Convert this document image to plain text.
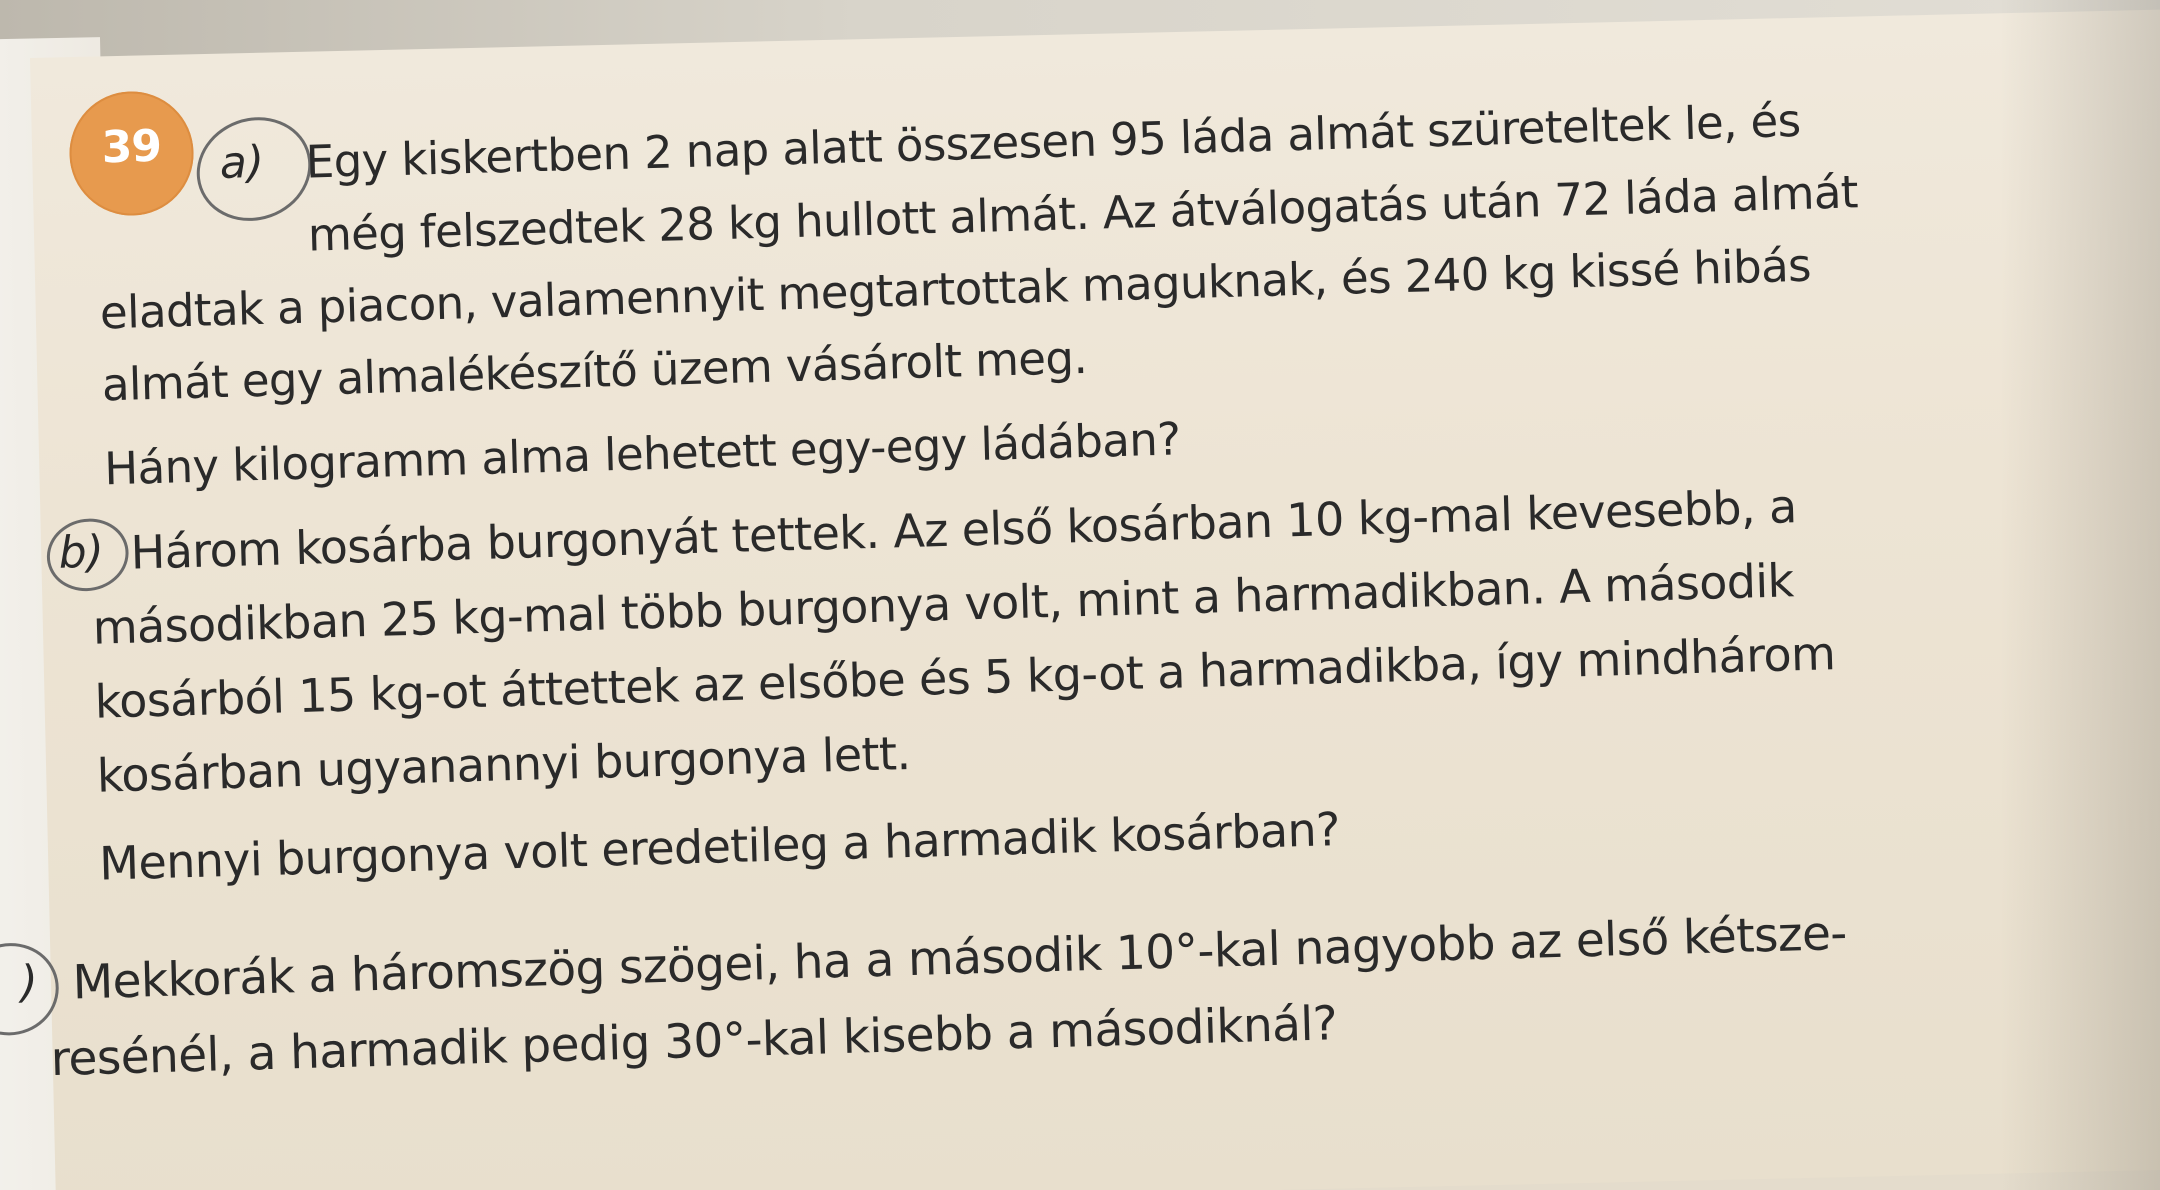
39	a) Egy kiskertben 2 nap alatt összesen 95 láda almát szüreteltek le, és
még felszedtek 28 kg hullott almát. Az átválogatás után 72 láda almát
eladtak a piacon, valamennyit megtartottak maguknak, és 240 kg kissé hibás
almát egy almalékészítő üzem vásárolt meg.
Hány kilogramm alma lehetett egy-egy ládában?
b) Három kosárba burgonyát tettek. Az első kosárban 10 kg-mal kevesebb, a
másodikban 25 kg-mal több burgonya volt, mint a harmadikban. A második
kosárból 15 kg-ot áttettek az elsőbe és 5 kg-ot a harmadikba, így mindhárom
kosárban ugyanannyi burgonya lett.
Mennyi burgonya volt eredetileg a harmadik kosárban?
) Mekkorák a háromszög szögei, ha a második 10°-kal nagyobb az első kétsze-
resénél, a harmadik pedig 30°-kal kisebb a másodiknál?
